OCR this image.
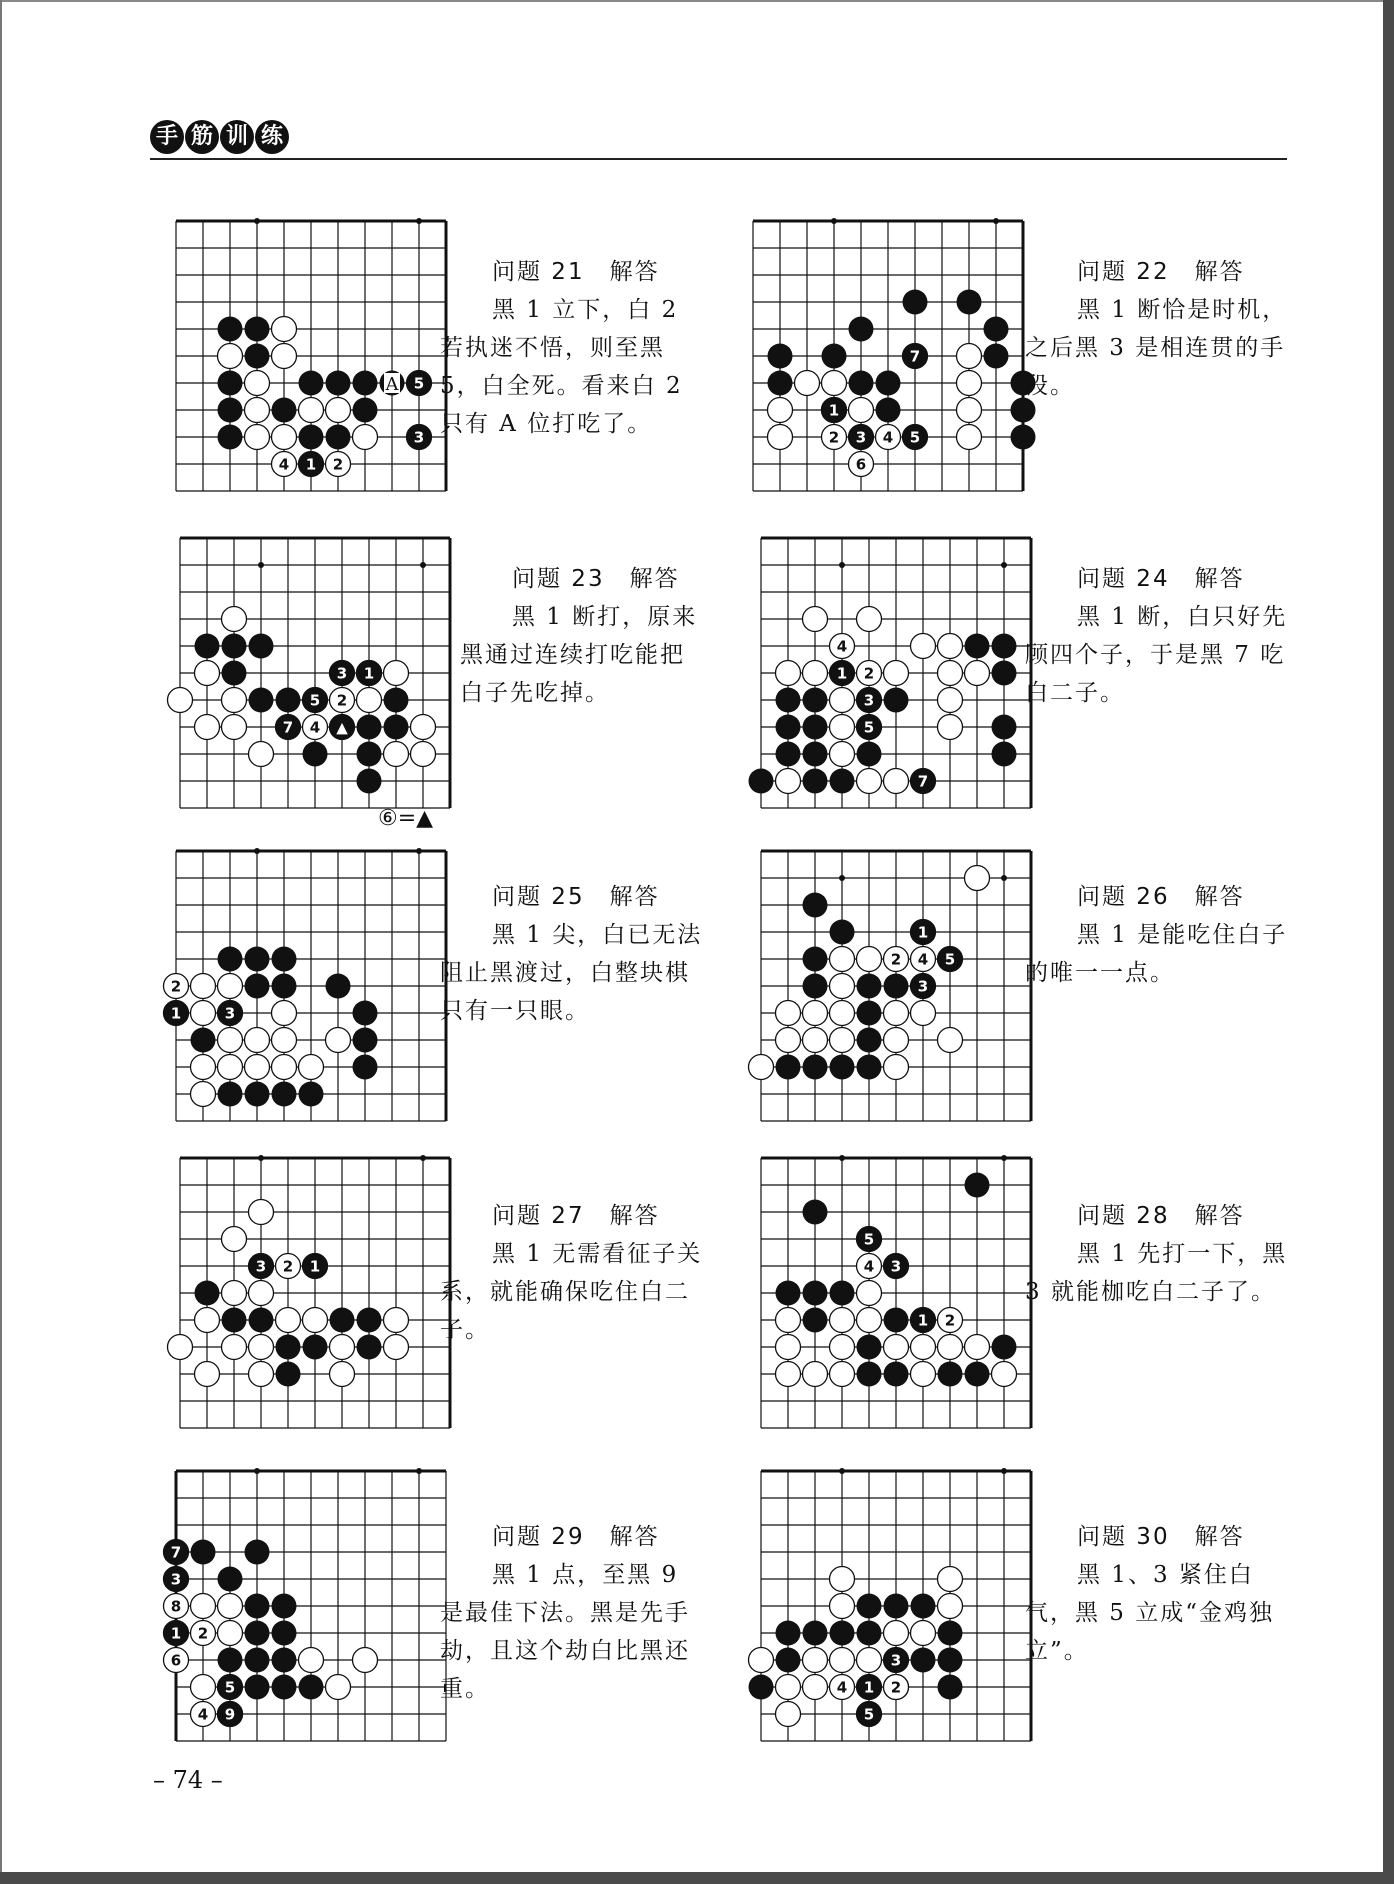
手 筋 训 练
5
3
4 1 2
A
问题 21　解答
黑 1 立下，白 2 若执迷不悟，则至黑 5，白全死。看来白 2 只有 A 位打吃了。
7
1
2 3 4 5
6
问题 22　解答
黑 1 断恰是时机，之后黑 3 是相连贯的手段。
3 1
5 2
7 4 ▲
问题 23　解答
黑 1 断打，原来黑通过连续打吃能把白子先吃掉。
⑥=▲
4
1 2
3
5
7
问题 24　解答
黑 1 断，白只好先顾四个子，于是黑 7 吃白二子。
2
1	3
问题 25　解答
黑 1 尖，白已无法阻止黑渡过，白整块棋只有一只眼。
1
2 4 5
3
问题 26　解答
黑 1 是能吃住白子的唯一一点。
3 2 1
问题 27　解答
黑 1 无需看征子关系，就能确保吃住白二子。
5
4 3
1 2
问题 28　解答
黑 1 先打一下，黑 3 就能枷吃白二子了。
7
3
8
1 2
6
5
4 9
问题 29　解答
黑 1 点，至黑 9 是最佳下法。黑是先手劫，且这个劫白比黑还重。
3
4 1 2
5
问题 30　解答
黑 1、3 紧住白气，黑 5 立成“金鸡独立”。
– 74 –
